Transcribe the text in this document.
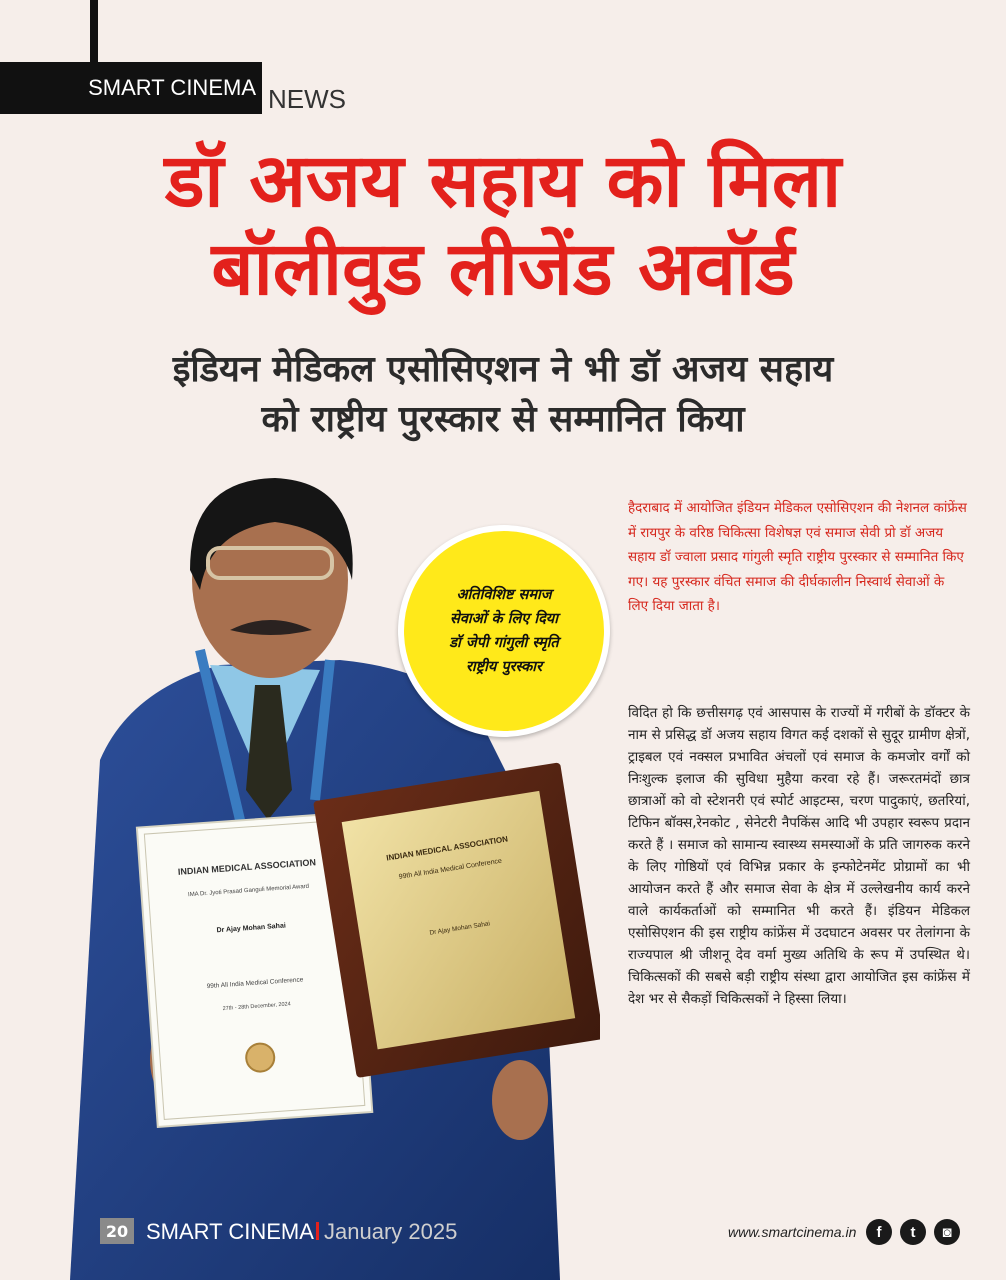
SMART CINEMA NEWS
डॉ अजय सहाय को मिला
बॉलीवुड लीजेंड अवॉर्ड
इंडियन मेडिकल एसोसिएशन ने भी डॉ अजय सहाय
को राष्ट्रीय पुरस्कार से सम्मानित किया
INDIAN MEDICAL ASSOCIATION
IMA Dr. Jyoti Prasad Ganguli Memorial Award
Dr Ajay Mohan Sahai
99th All India Medical Conference
27th - 28th December, 2024
INDIAN MEDICAL ASSOCIATION
99th All India Medical Conference
Dr Ajay Mohan Sahai
अतिविशिष्ट समाज
सेवाओं के लिए दिया
डॉ जेपी गांगुली स्मृति
राष्ट्रीय पुरस्कार

हैदराबाद में आयोजित इंडियन मेडिकल एसोसिएशन की नेशनल कांफ्रेंस में रायपुर के वरिष्ठ चिकित्सा विशेषज्ञ एवं समाज सेवी प्रो डॉ अजय सहाय डॉ ज्वाला प्रसाद गांगुली स्मृति राष्ट्रीय पुरस्कार से सम्मानित किए गए। यह पुरस्कार वंचित समाज की दीर्घकालीन निस्वार्थ सेवाओं के लिए दिया जाता है।

विदित हो कि छत्तीसगढ़ एवं आसपास के राज्यों में गरीबों के डॉक्टर के नाम से प्रसिद्ध डॉ अजय सहाय विगत कई दशकों से सुदूर ग्रामीण क्षेत्रों, ट्राइबल एवं नक्सल प्रभावित अंचलों एवं समाज के कमजोर वर्गों को निःशुल्क इलाज की सुविधा मुहैया करवा रहे हैं। जरूरतमंदों छात्र छात्राओं को वो स्टेशनरी एवं स्पोर्ट आइटम्स, चरण पादुकाएं, छतरियां, टिफिन बॉक्स,रेनकोट , सेनेटरी नैपकिंस आदि भी उपहार स्वरूप प्रदान करते हैं । समाज को सामान्य स्वास्थ्य समस्याओं के प्रति जागरुक करने के लिए गोष्ठियों एवं विभिन्न प्रकार के इन्फोटेनमेंट प्रोग्रामों का भी आयोजन करते हैं और समाज सेवा के क्षेत्र में उल्लेखनीय कार्य करने वाले कार्यकर्ताओं को सम्मानित भी करते हैं। इंडियन मेडिकल एसोसिएशन की इस राष्ट्रीय कांफ्रेंस में उदघाटन अवसर पर तेलांगना के राज्यपाल श्री जीशनू देव वर्मा मुख्य अतिथि के रूप में उपस्थित थे। चिकित्सकों की सबसे बड़ी राष्ट्रीय संस्था द्वारा आयोजित इस कांफ्रेंस में देश भर से सैकड़ों चिकित्सकों ने हिस्सा लिया।

20 SMART CINEMA January 2025	www.smartcinema.in	f	t	◙
